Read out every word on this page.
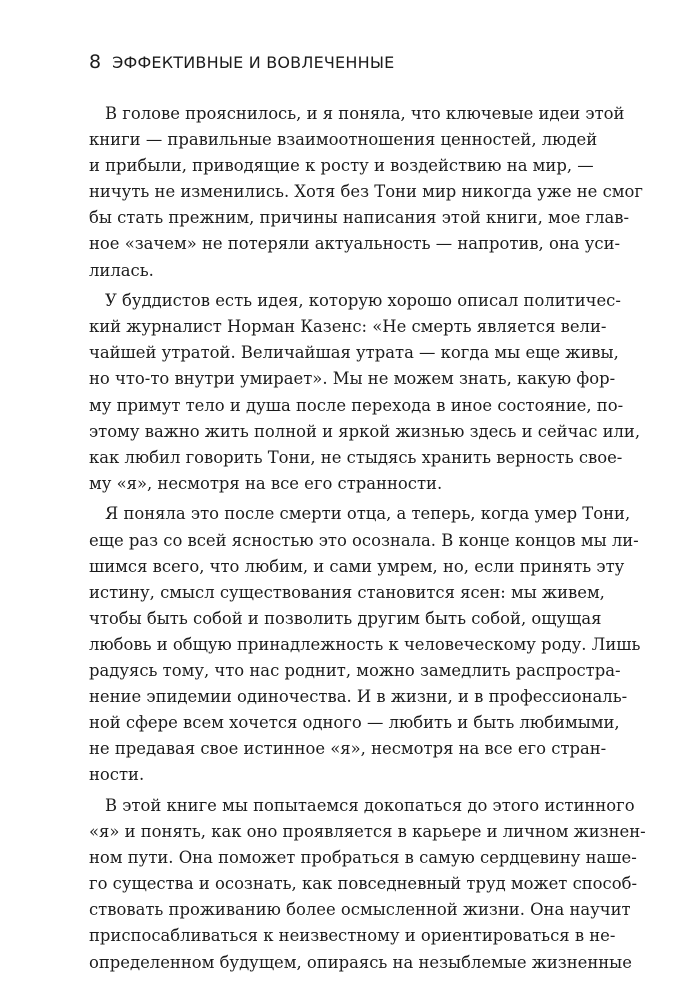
8 ЭФФЕКТИВНЫЕ И ВОВЛЕЧЕННЫЕ
В голове прояснилось, и я поняла, что ключевые идеи этой
книги — правильные взаимоотношения ценностей, людей
и прибыли, приводящие к росту и воздействию на мир, —
ничуть не изменились. Хотя без Тони мир никогда уже не смог
бы стать прежним, причины написания этой книги, мое глав-
ное «зачем» не потеряли актуальность — напротив, она уси-
лилась.
У буддистов есть идея, которую хорошо описал политичес-
кий журналист Норман Казенс: «Не смерть является вели-
чайшей утратой. Величайшая утрата — когда мы еще живы,
но что-то внутри умирает». Мы не можем знать, какую фор-
му примут тело и душа после перехода в иное состояние, по-
этому важно жить полной и яркой жизнью здесь и сейчас или,
как любил говорить Тони, не стыдясь хранить верность свое-
му «я», несмотря на все его странности.
Я поняла это после смерти отца, а теперь, когда умер Тони,
еще раз со всей ясностью это осознала. В конце концов мы ли-
шимся всего, что любим, и сами умрем, но, если принять эту
истину, смысл существования становится ясен: мы живем,
чтобы быть собой и позволить другим быть собой, ощущая
любовь и общую принадлежность к человеческому роду. Лишь
радуясь тому, что нас роднит, можно замедлить распростра-
нение эпидемии одиночества. И в жизни, и в профессиональ-
ной сфере всем хочется одного — любить и быть любимыми,
не предавая свое истинное «я», несмотря на все его стран-
ности.
В этой книге мы попытаемся докопаться до этого истинного
«я» и понять, как оно проявляется в карьере и личном жизнен-
ном пути. Она поможет пробраться в самую сердцевину наше-
го существа и осознать, как повседневный труд может способ-
ствовать проживанию более осмысленной жизни. Она научит
приспосабливаться к неизвестному и ориентироваться в не-
определенном будущем, опираясь на незыблемые жизненные
